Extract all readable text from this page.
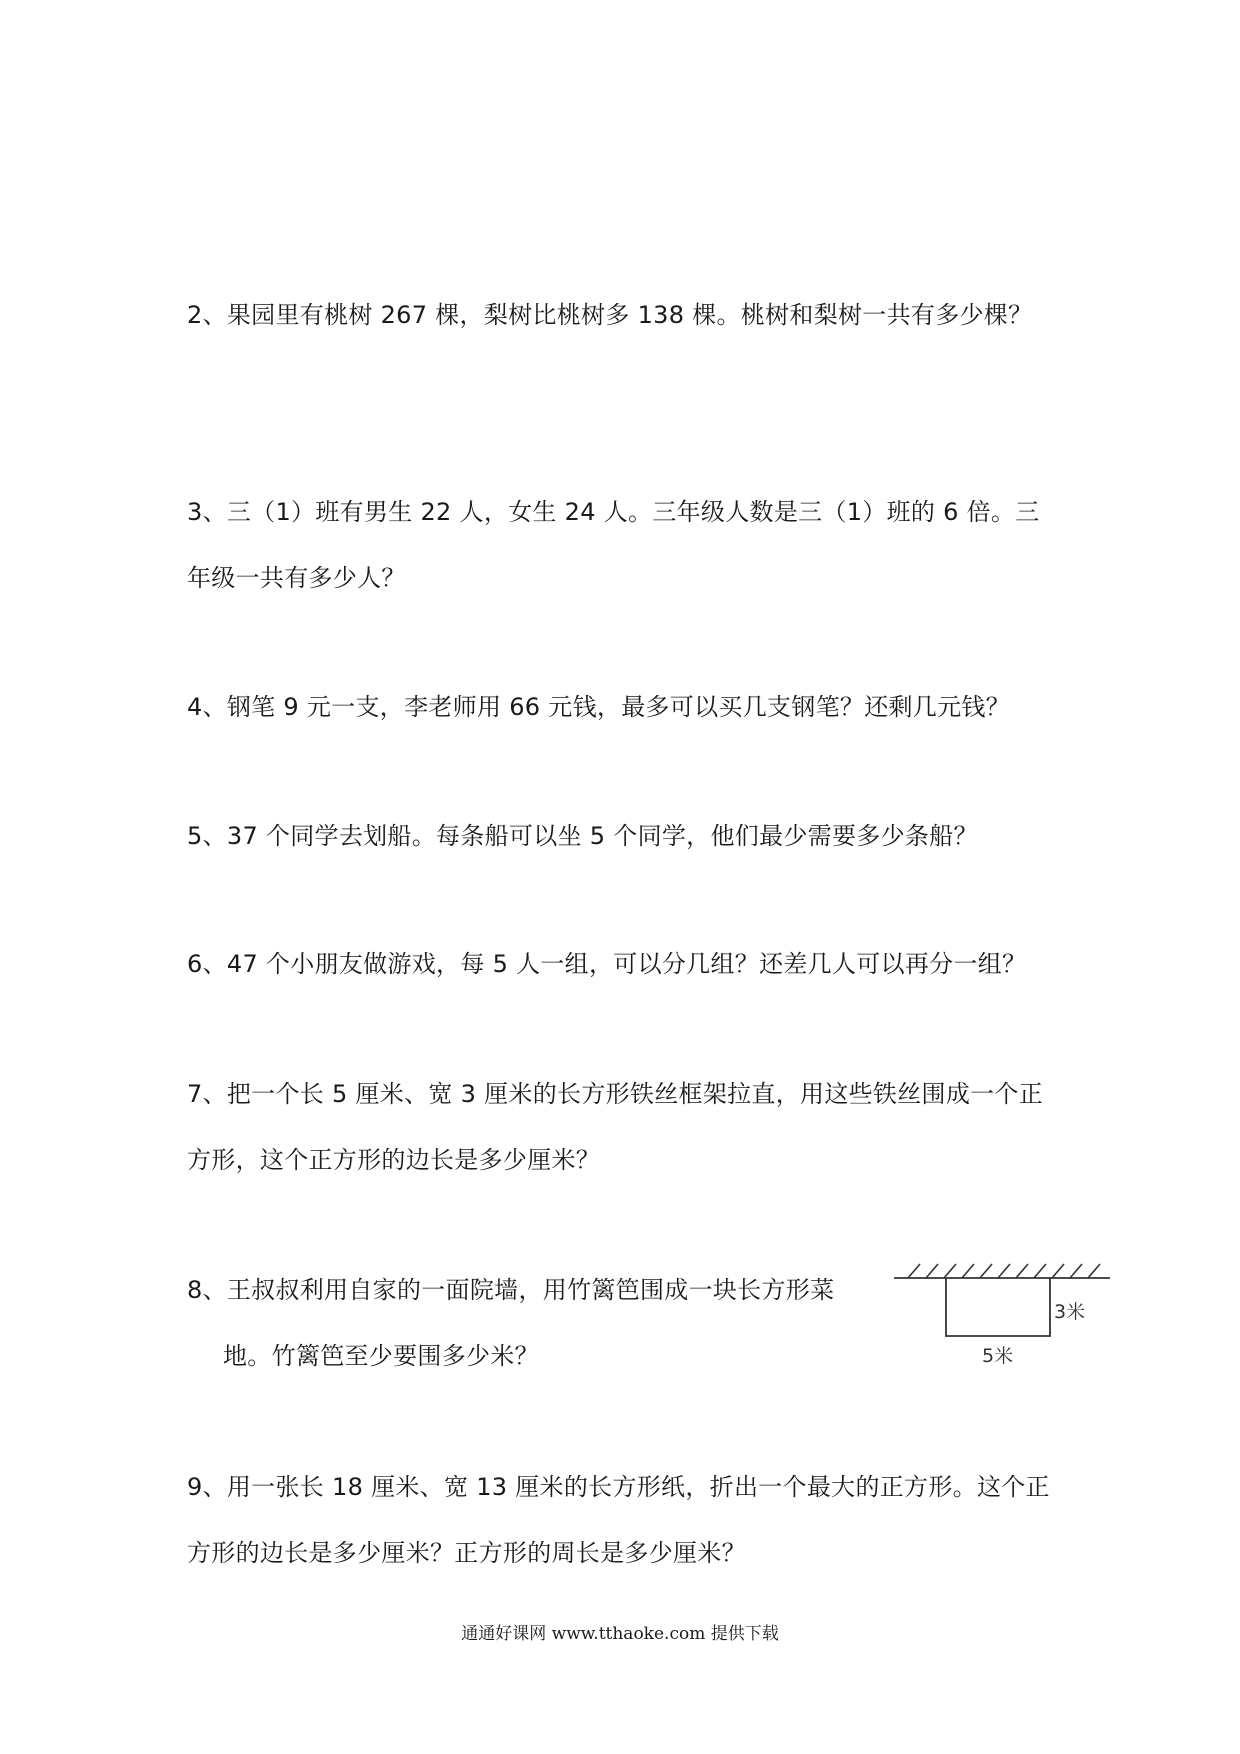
2、果园里有桃树 267 棵，梨树比桃树多 138 棵。桃树和梨树一共有多少棵？
3、三（1）班有男生 22 人，女生 24 人。三年级人数是三（1）班的 6 倍。三
年级一共有多少人？
4、钢笔 9 元一支，李老师用 66 元钱，最多可以买几支钢笔？还剩几元钱？
5、37 个同学去划船。每条船可以坐 5 个同学，他们最少需要多少条船？
6、47 个小朋友做游戏，每 5 人一组，可以分几组？还差几人可以再分一组？
7、把一个长 5 厘米、宽 3 厘米的长方形铁丝框架拉直，用这些铁丝围成一个正
方形，这个正方形的边长是多少厘米？
8、王叔叔利用自家的一面院墙，用竹篱笆围成一块长方形菜
地。竹篱笆至少要围多少米？
3米
5米
9、用一张长 18 厘米、宽 13 厘米的长方形纸，折出一个最大的正方形。这个正
方形的边长是多少厘米？正方形的周长是多少厘米？
通通好课网 www.tthaoke.com 提供下载
